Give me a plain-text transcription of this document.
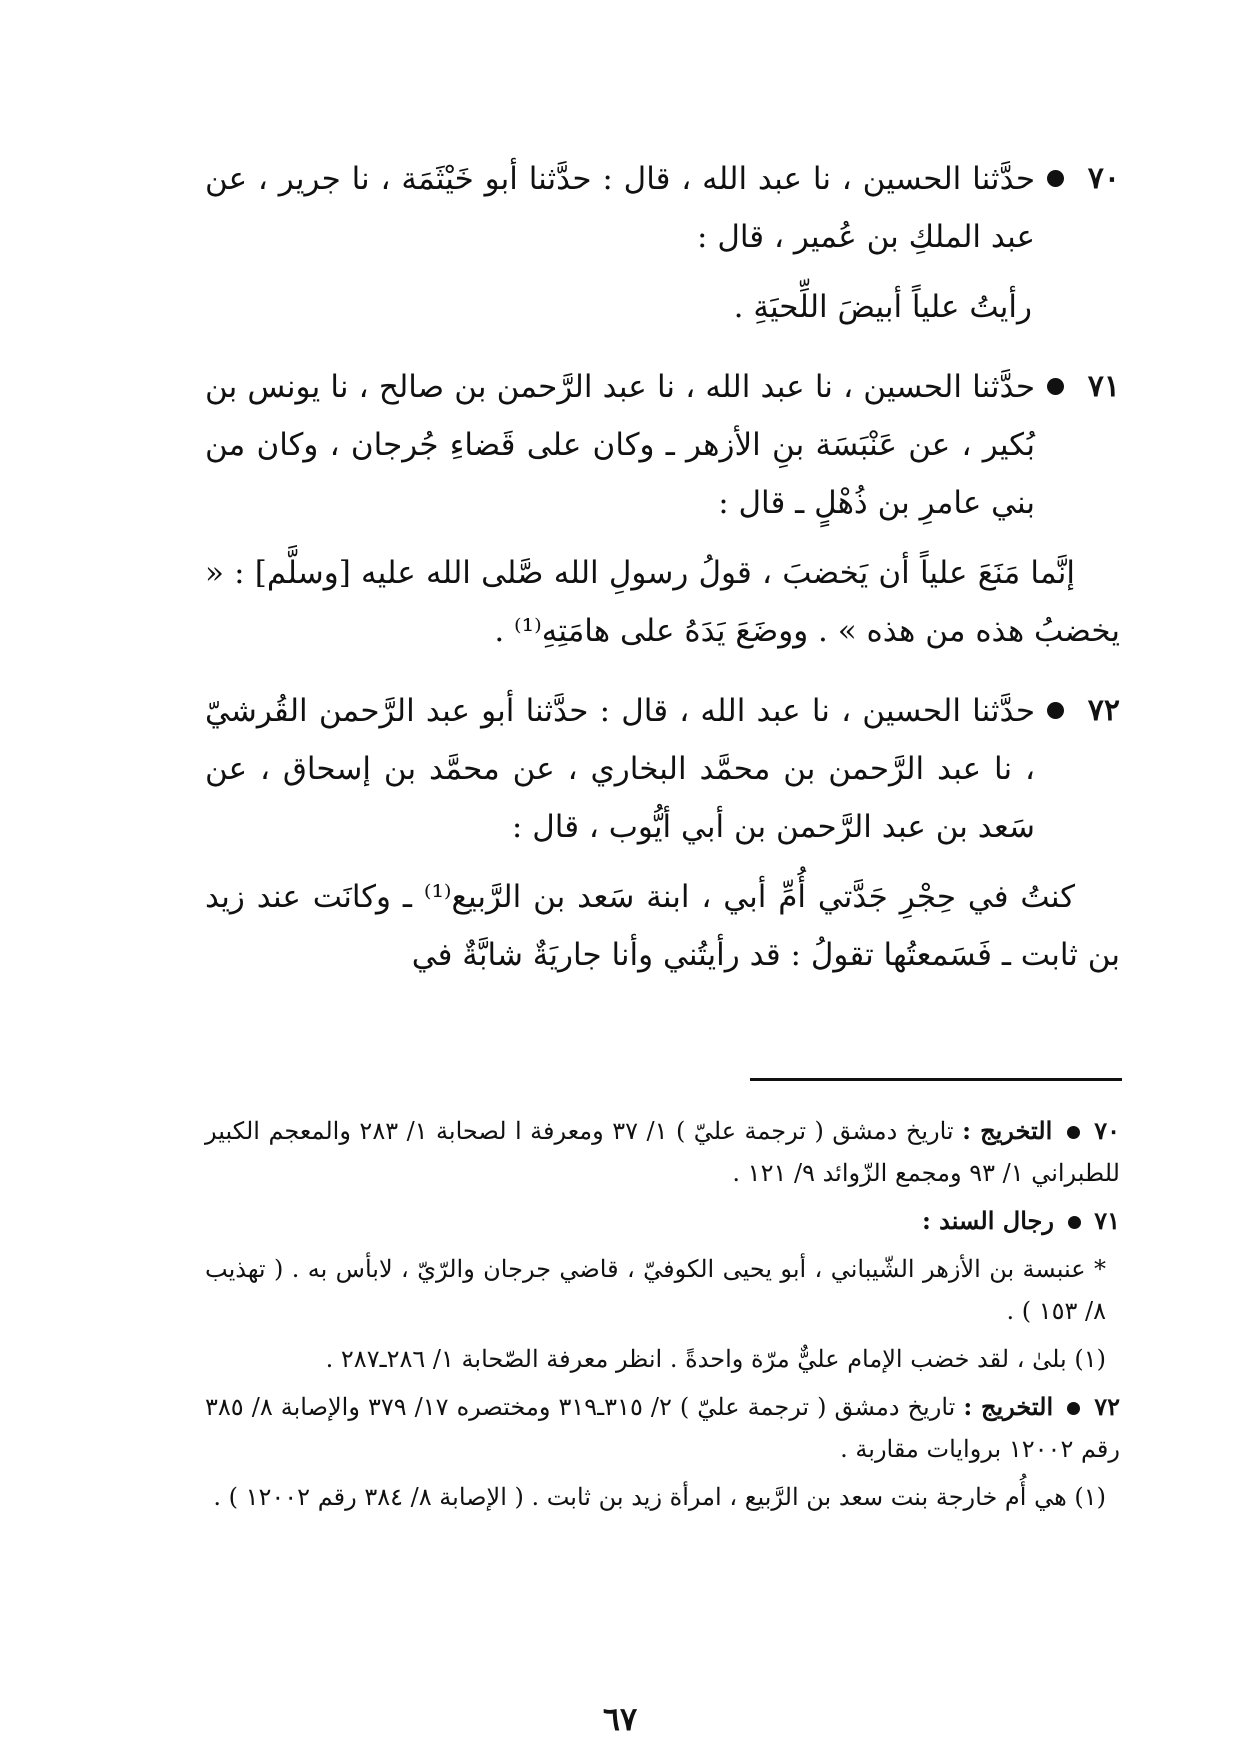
٧٠
حدَّثنا الحسين ، نا عبد الله ، قال : حدَّثنا أبو خَيْثَمَة ، نا جرير ، عن عبد الملكِ بن عُمير ، قال :
رأيتُ علياً أبيضَ اللِّحيَةِ .
٧١
حدَّثنا الحسين ، نا عبد الله ، نا عبد الرَّحمن بن صالح ، نا يونس بن بُكير ، عن عَنْبَسَة بنِ الأزهر ـ وكان على قَضاءِ جُرجان ، وكان من بني عامرِ بن ذُهْلٍ ـ قال :
إنَّما مَنَعَ علياً أن يَخضبَ ، قولُ رسولِ الله صَّلى الله عليه [وسلَّم] : « يخضبُ هذه من هذه » . ووضَعَ يَدَهُ على هامَتِهِ⁽¹⁾ .
٧٢
حدَّثنا الحسين ، نا عبد الله ، قال : حدَّثنا أبو عبد الرَّحمن القُرشيّ ، نا عبد الرَّحمن بن محمَّد البخاري ، عن محمَّد بن إسحاق ، عن سَعد بن عبد الرَّحمن بن أبي أيُّوب ، قال :
كنتُ في حِجْرِ جَدَّتي أُمِّ أبي ، ابنة سَعد بن الرَّبيع⁽¹⁾ ـ وكانَت عند زيد بن ثابت ـ فَسَمعتُها تقولُ : قد رأيتُني وأنا جاريَةٌ شابَّةٌ في
٧٠  التخريج : تاريخ دمشق ( ترجمة عليّ ) ١/ ٣٧ ومعرفة ا لصحابة ١/ ٢٨٣ والمعجم الكبير للطبراني ١/ ٩٣ ومجمع الزّوائد ٩/ ١٢١ .
٧١  رجال السند :
* عنبسة بن الأزهر الشّيباني ، أبو يحيى الكوفيّ ، قاضي جرجان والرّيّ ، لابأس به . ( تهذيب ٨/ ١٥٣ ) .
(١) بلىٰ ، لقد خضب الإمام عليٌّ مرّة واحدةً . انظر معرفة الصّحابة ١/ ٢٨٦ـ٢٨٧ .
٧٢  التخريج : تاريخ دمشق ( ترجمة عليّ ) ٢/ ٣١٥ـ٣١٩ ومختصره ١٧/ ٣٧٩ والإصابة ٨/ ٣٨٥ رقم ١٢٠٠٢ بروايات مقاربة .
(١) هي أُم خارجة بنت سعد بن الرَّبيع ، امرأة زيد بن ثابت . ( الإصابة ٨/ ٣٨٤ رقم ١٢٠٠٢ ) .
٦٧
